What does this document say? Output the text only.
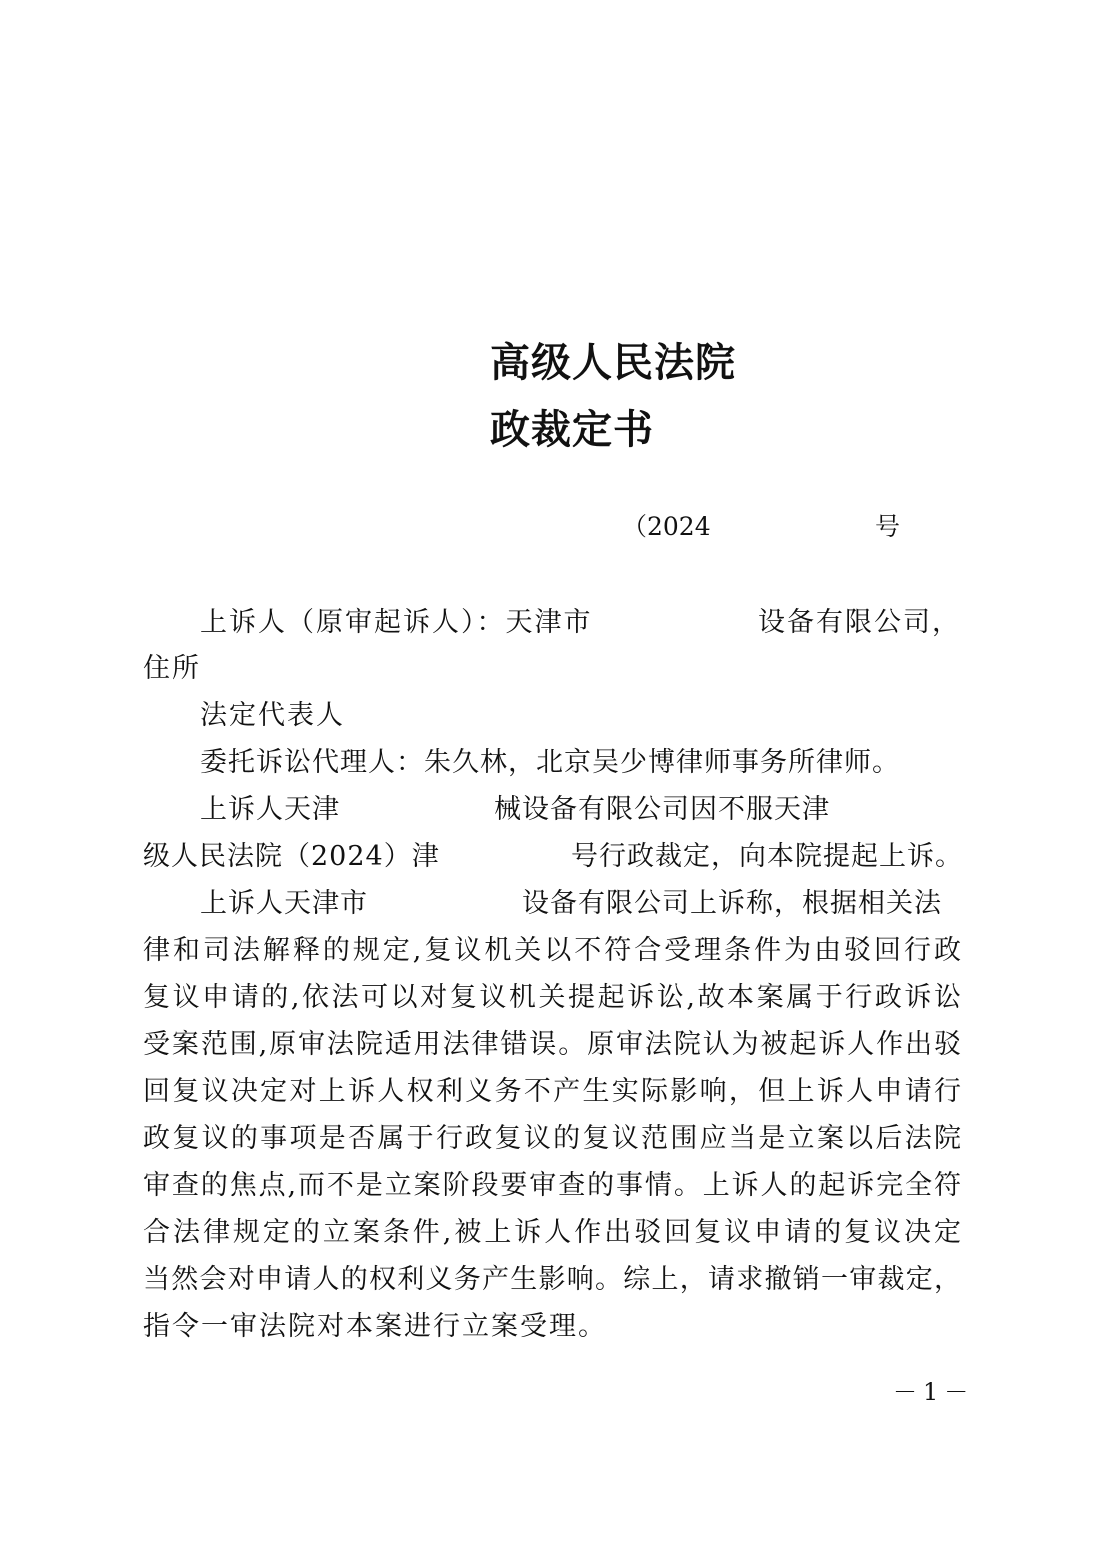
高级人民法院
政裁定书
（2024	号
上诉人（原审起诉人）：天津市	设备有限公司，
住所
法定代表人
委托诉讼代理人：朱久林，北京吴少博律师事务所律师。
上诉人天津	械设备有限公司因不服天津
级人民法院（2024）津	号行政裁定，向本院提起上诉。
上诉人天津市	设备有限公司上诉称，根据相关法
律和司法解释的规定,复议机关以不符合受理条件为由驳回行政
复议申请的,依法可以对复议机关提起诉讼,故本案属于行政诉讼
受案范围,原审法院适用法律错误。原审法院认为被起诉人作出驳
回复议决定对上诉人权利义务不产生实际影响，但上诉人申请行
政复议的事项是否属于行政复议的复议范围应当是立案以后法院
审查的焦点,而不是立案阶段要审查的事情。上诉人的起诉完全符
合法律规定的立案条件,被上诉人作出驳回复议申请的复议决定
当然会对申请人的权利义务产生影响。综上，请求撤销一审裁定，
指令一审法院对本案进行立案受理。
－1－
